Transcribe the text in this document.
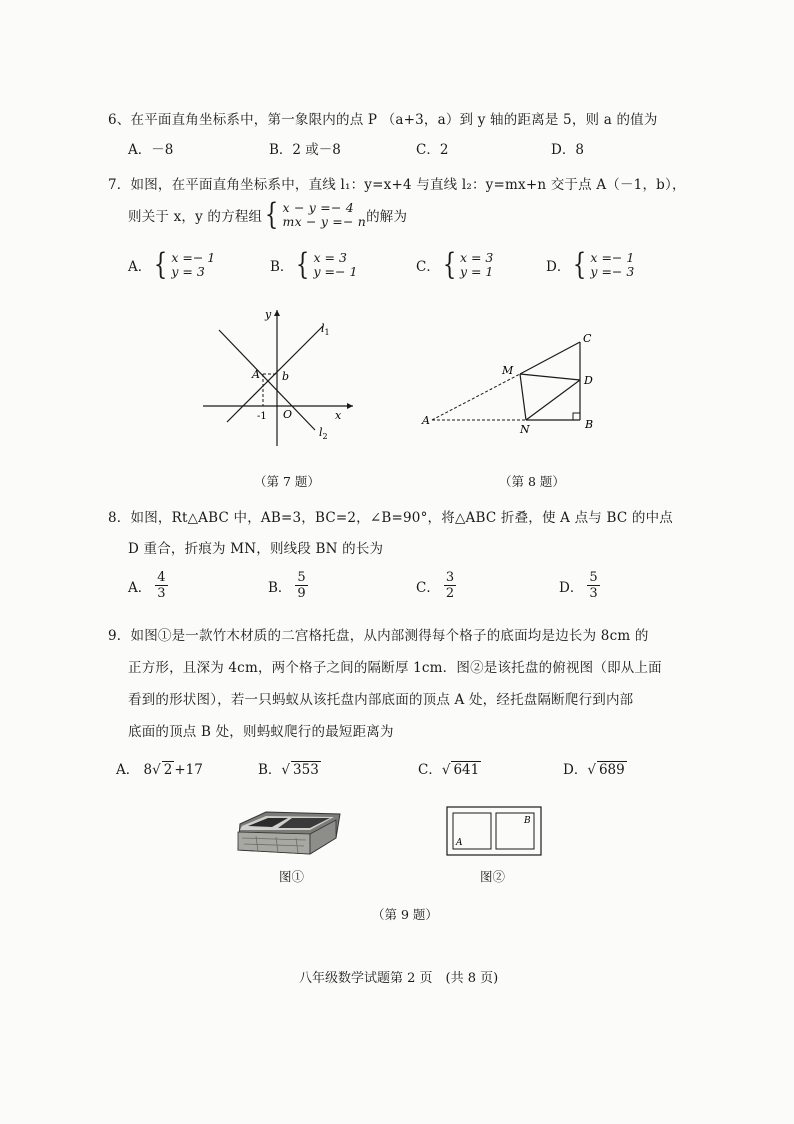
6、在平面直角坐标系中，第一象限内的点 P （a+3，a）到 y 轴的距离是 5，则 a 的值为
A．－8	B．2 或－8	C．2	D．8
7．如图，在平面直角坐标系中，直线 l₁：y=x+4 与直线 l₂：y=mx+n 交于点 A（－1，b），
则关于 x，y 的方程组 { x − y =− 4
mx − y =− n 的解为
A． { x =− 1
y = 3	B． { x = 3
y =− 1	C． { x = 3
y = 1	D． { x =− 1
y =− 3
y
x
$l_1$
$l_2$
A b
-1 O	A	B
C
D
M
N
（第 7 题）	（第 8 题）
8．如图，Rt△ABC 中，AB=3，BC=2，∠B=90°，将△ABC 折叠，使 A 点与 BC 的中点
D 重合，折痕为 MN，则线段 BN 的长为
A． $\frac{4}{3}$	B． $\frac{5}{9}$	C． $\frac{3}{2}$	D． $\frac{5}{3}$
9．如图①是一款竹木材质的二宫格托盘，从内部测得每个格子的底面均是边长为 8cm 的
正方形，且深为 4cm，两个格子之间的隔断厚 1cm．图②是该托盘的俯视图（即从上面
看到的形状图），若一只蚂蚁从该托盘内部底面的顶点 A 处，经托盘隔断爬行到内部
底面的顶点 B 处，则蚂蚁爬行的最短距离为
A． 8√ 2 +17	B．√ 353	C．√ 641	D．√ 689
A
B
图①	图②
（第 9 题）
八年级数学试题第 2 页　(共 8 页)
